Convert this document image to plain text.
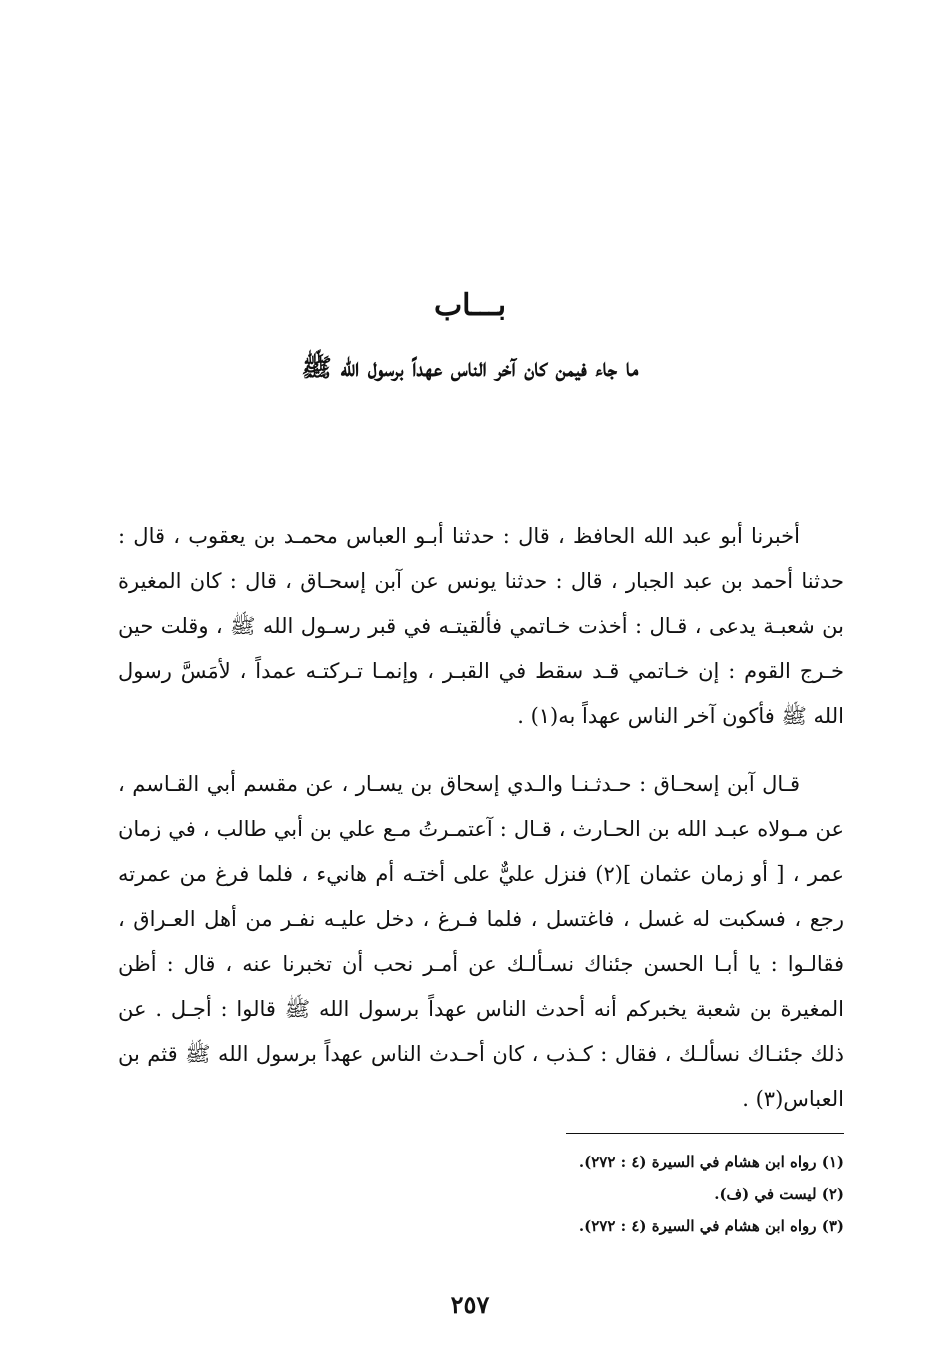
بـــاب
ما جاء فيمن كان آخر الناس عهداً برسول الله ﷺ

أخبرنا أبو عبد الله الحافظ ، قال : حدثنا أبـو العباس محمـد بن يعقوب ، قال : حدثنا أحمد بن عبد الجبار ، قال : حدثنا يونس عن آبن إسحـاق ، قال : كان المغيرة بن شعبـة يدعى ، قـال : أخذت خـاتمي فألقيتـه في قبر رسـول الله ﷺ ، وقلت حين خـرج القوم : إن خـاتمي قـد سقط في القبـر ، وإنمـا تـركتـه عمداً ، لأمَسَّ رسول الله ﷺ فأكون آخر الناس عهداً به(١) .

قـال آبن إسحـاق : حـدثـنـا والـدي إسحاق بن يسـار ، عن مقسم أبي القـاسم ، عن مـولاه عبـد الله بن الحـارث ، قـال : آعتمـرتُ مـع علي بن أبي طالب ، في زمان عمر ، [ أو زمان عثمان ](٢) فنزل عليٌّ على أختـه أم هانيء ، فلما فرغ من عمرته رجع ، فسكبت له غسل ، فاغتسل ، فلما فـرغ ، دخل عليـه نفـر من أهل العـراق ، فقالـوا : يا أبـا الحسن جئناك نسـألـك عن أمـر نحب أن تخبرنا عنه ، قال : أظن المغيرة بن شعبة يخبركم أنه أحدث الناس عهداً برسول الله ﷺ قالوا : أجـل . عن ذلك جئنـاك نسألـك ، فقال : كـذب ، كان أحـدث الناس عهداً برسول الله ﷺ قثم بن العباس(٣) .

(١) رواه ابن هشام في السيرة (٤ : ٢٧٢).
(٢) ليست في (ف).
(٣) رواه ابن هشام في السيرة (٤ : ٢٧٢).
٢٥٧
